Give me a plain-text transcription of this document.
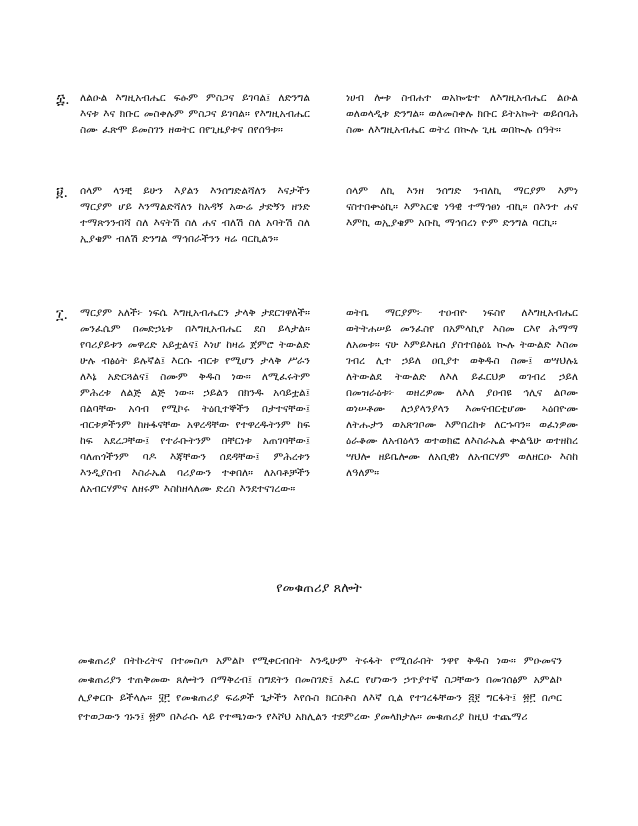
፰. ለልዑል እግዚአብሔር ፍፁም ምስጋና ይገባል፤ ለድንግል እናቱ እና ክቡር መስቀሉም ምስጋና ይገባል። የእግዚአብሔር ስሙ ፈጽሞ ይመስገን ዘወትር በየጊዜያቱና በየሰዓቱ።
ነሀብ ሎቱ ስብሐተ ወአኰቴተ ለእግዚአብሔር ልዑል ወለወላዲቱ ድንግል። ወለመስቀሉ ክቡር ይትአኰት ወይሰባሕ ስሙ ለእግዚአብሔር ወትረ በኲሉ ጊዜ ወበኲሉ ሰዓት።
፱. ሰላም ላንቺ ይሁን እያልን እንሰግድልሻለን እናታችን ማርያም ሆይ እንማልድሻለን ከአዳኝ አውሬ ታድኝን ዘንድ ተማጽንንብሻ ስለ እናትሽ ስለ ሐና ብለሽ ስለ አባትሽ ስለ ኢያቄም ብለሽ ድንግል ማኅበራችንን ዛሬ ባርኪልን።
ሰላም ለኪ እንዘ ንሰግድ ንብለኪ ማርያም እምነ ናስተበቍዕኪ። እምአርዌ ነዓዊ ተማኅፀነ ብኪ። በእንተ ሐና እምኪ ወኢያቄም አቡኪ ማኅበረነ ዮም ድንግል ባርኪ።
፲. ማርያም አለች፦ ነፍሴ እግዚአብሔርን ታላቅ ታደርገዋለች። መንፈሴም በመድኃኒቱ በእግዚአብሔር ደስ ይላታል። የባሪያይቱን መዋረድ አይቷልና፤ እነሆ ከዛሬ ጀምሮ ትውልድ ሁሉ ብፅዕት ይሉኛል፤ እርሱ ብርቱ የሚሆን ታላቅ ሥራን ለእኔ አድርጓልና፤ ስሙም ቅዱስ ነው። ለሚፈሩትም ምሕረቱ ለልጅ ልጅ ነው። ኃይልን በክንዱ አሳይቷል፤ በልባቸው አሳብ የሚኮሩ ትዕቢተኞችን በታተናቸው፤ ብርቱዎችንም ከዙፋናቸው አዋረዳቸው የተዋረዱትንም ከፍ ከፍ አደረጋቸው፤ የተራቡትንም በቸርነቱ አጠገባቸው፤ ባለጠጎችንም ባዶ እጃቸውን ሰደዳቸው፤ ምሕረቱን እንዲያስብ እስራኤል ባሪያውን ተቀበለ። ለአባቶቻችን ለአብርሃምና ለዘሩም እስከዘላለሙ ድረስ እንደተናገረው።
ወትቤ ማርያም፦ ተዐብዮ ነፍስየ ለእግዚአብሔር ወትትሐሠይ መንፈስየ በአምላኪየ እስመ ርእየ ሕማማ ለአመቱ። ናሁ እምይእዜሰ ያስተበፅዕኒ ኲሉ ትውልድ እስመ ገብረ ሊተ ኃይለ ዐቢያተ ወቅዱስ ስሙ፤ ወሣህሉኒ ለትውልደ ትውልድ ለእለ ይፈርህዎ ወገብረ ኃይለ በመዝራዕቱ፦ ወዘረዎሙ ለእለ ያዐብዩ ኅሊና ልቦሙ ወነሠቶሙ ለኃያላንያላን እመናብርቲሆሙ ኣዕበዮሙ ለትሑታን ወአጽገቦሙ እምበረከቱ ለርኁባን። ወፈነዎሙ ዕራቆሙ ለአብዕላን ወተወክፎ ለእስራኤል ቍልዔሁ ወተዘከረ ሣህሎ ዘይቤሎሙ ለአቢዊነ ለአብርሃም ወለዘርዑ እስከ ለዓለም።
የመቁጠሪያ ጸሎት
መቁጠሪያ በትኩረትና በተመስጦ አምልኮ የሚቀርብበት እንዲሁም ትሩፋት የሚሰራበት ንዋየ ቅዱስ ነው። ምዑመናን መቁጠሪያን ተጠቅመው ጸሎትን በማቅረብ፤ ስግደትን በመስገድ፤ አፈር የሆነውን ኃጥያተኛ ስጋቸውን በመገሰፅም አምልኮ ሊያቀርቡ ይችላሉ። ፶፫ የመቁጠሪያ ፍሬዎች ጌታችን እየሱስ ክርስቶስ ለእኛ ሲል የተገረፋቸውን ፭፻ ግርፋት፤ ፳፫ በጦር የተወጋውን ጎኑን፤ ፳ም በእራሱ ላይ የተጫነውን የእሾህ አክሊልን ተደምረው ያመላክታሉ። መቁጠሪያ ከዚህ ተጨማሪ
